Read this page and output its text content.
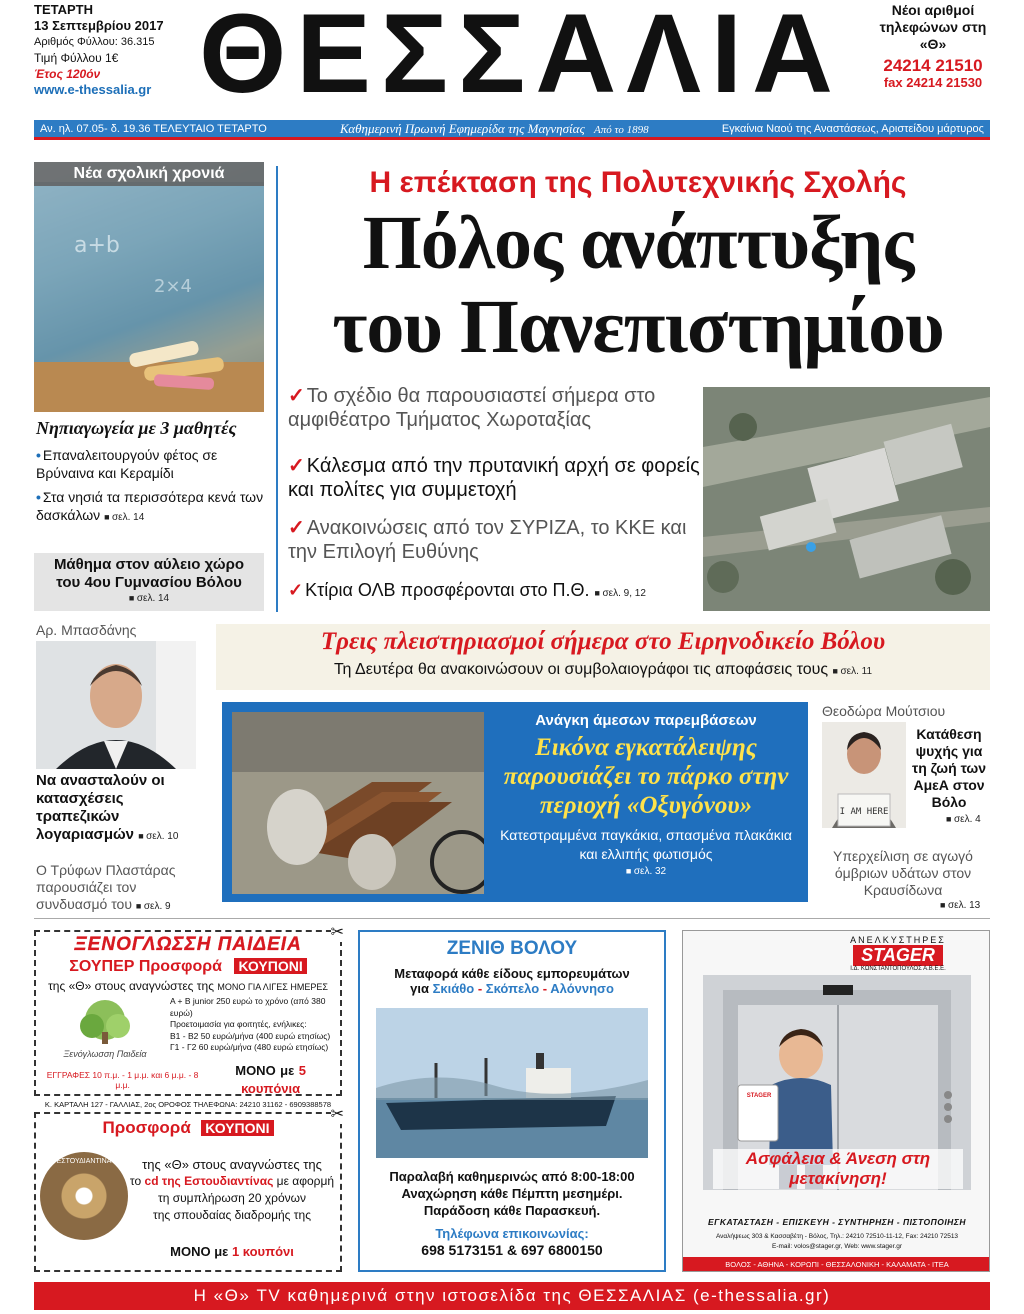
ΤΕΤΑΡΤΗ
13 Σεπτεμβρίου 2017
Αριθμός Φύλλου: 36.315
Τιμή Φύλλου 1€
Έτος 120όν
www.e-thessalia.gr ΘΕΣΣΑΛΙΑ	Νέοι αριθμοί τηλεφώνων στη «Θ»
24214 21510
fax 24214 21530
Αν. ηλ. 07.05- δ. 19.36 ΤΕΛΕΥΤΑΙΟ ΤΕΤΑΡΤΟ	Καθημερινή Πρωινή Εφημερίδα της Μαγνησίας Από το 1898	Εγκαίνια Ναού της Αναστάσεως, Αριστείδου μάρτυρος
a+b
2×4
Νέα σχολική χρονιά
Νηπιαγωγεία με 3 μαθητές
• Επαναλειτουργούν φέτος σε Βρύναινα και Κεραμίδι
• Στα νησιά τα περισσότερα κενά των δασκάλων ■ σελ. 14
Μάθημα στον αύλειο χώρο του 4ου Γυμνασίου Βόλου
■ σελ. 14
Η επέκταση της Πολυτεχνικής Σχολής
Πόλος ανάπτυξης
του Πανεπιστημίου
✓ Το σχέδιο θα παρουσιαστεί σήμερα στο αμφιθέατρο Τμήματος Χωροταξίας
✓ Κάλεσμα από την πρυτανική αρχή σε φορείς και πολίτες για συμμετοχή
✓ Ανακοινώσεις από τον ΣΥΡΙΖΑ, το ΚΚΕ και την Επιλογή Ευθύνης
✓ Κτίρια ΟΛΒ προσφέρονται στο Π.Θ. ■ σελ. 9, 12
Αρ. Μπασδάνης
Να ανασταλούν οι κατασχέσεις τραπεζικών λογαριασμών ■ σελ. 10
Ο Τρύφων Πλαστάρας παρουσιάζει τον συνδυασμό του ■ σελ. 9
Τρεις πλειστηριασμοί σήμερα στο Ειρηνοδικείο Βόλου
Τη Δευτέρα θα ανακοινώσουν οι συμβολαιογράφοι τις αποφάσεις τους ■ σελ. 11
Ανάγκη άμεσων παρεμβάσεων
Εικόνα εγκατάλειψης παρουσιάζει το πάρκο στην περιοχή «Οξυγόνου»
Κατεστραμμένα παγκάκια, σπασμένα πλακάκια και ελλιπής φωτισμός
■ σελ. 32
Θεοδώρα Μούτσιου
I AM HERE
Κατάθεση ψυχής για τη ζωή των ΑμεΑ στον Βόλο
■ σελ. 4
Υπερχείλιση σε αγωγό όμβριων υδάτων στον Κραυσίδωνα
■ σελ. 13
✂
ΞΕΝΟΓΛΩΣΣΗ ΠΑΙΔΕΙΑ
ΣΟΥΠΕΡ Προσφορά ΚΟΥΠΟΝΙ
της «Θ» στους αναγνώστες της ΜΟΝΟ ΓΙΑ ΛΙΓΕΣ ΗΜΕΡΕΣ
Ξενόγλωσση Παιδεία
A + B junior 250 ευρώ το χρόνο (από 380 ευρώ)
Προετοιμασία για φοιτητές, ενήλικες:
B1 - B2 50 ευρώ/μήνα (400 ευρώ ετησίως)
Γ1 - Γ2 60 ευρώ/μήνα (480 ευρώ ετησίως)
ΕΓΓΡΑΦΕΣ 10 π.μ. - 1 μ.μ. και 6 μ.μ. - 8 μ.μ.
ΜΟΝΟ με 5 κουπόνια
Κ. ΚΑΡΤΑΛΗ 127 - ΓΑΛΛΙΑΣ, 2ος ΟΡΟΦΟΣ ΤΗΛΕΦΩΝΑ: 24210 31162 - 6909388578
✂
Προσφορά ΚΟΥΠΟΝΙ
ΕΣΤΟΥΔΙΑΝΤΙΝΑ	της «Θ» στους αναγνώστες της
το cd της Εστουδιαντίνας με αφορμή
τη συμπλήρωση 20 χρόνων
της σπουδαίας διαδρομής της
ΜΟΝΟ με 1 κουπόνι
ΖΕΝΙΘ ΒΟΛΟΥ
Μεταφορά κάθε είδους εμπορευμάτων
για Σκιάθο - Σκόπελο - Αλόννησο
Παραλαβή καθημερινώς από 8:00-18:00
Αναχώρηση κάθε Πέμπτη μεσημέρι.
Παράδοση κάθε Παρασκευή.
Τηλέφωνα επικοινωνίας:
698 5173151 & 697 6800150
ΑΝΕΛΚΥΣΤΗΡΕΣ
STAGER
Ι.Δ. ΚΩΝΣΤΑΝΤΟΠΟΥΛΟΣ Α.Β.Ε.Ε.
STAGER
Ασφάλεια & Άνεση στη μετακίνηση!
ΕΓΚΑΤΑΣΤΑΣΗ - ΕΠΙΣΚΕΥΗ - ΣΥΝΤΗΡΗΣΗ - ΠΙΣΤΟΠΟΙΗΣΗ
Αναλήψεως 303 & Κασσαβέτη - Βόλος, Τηλ.: 24210 72510-11-12, Fax: 24210 72513
E-mail: volos@stager.gr, Web: www.stager.gr
ΒΟΛΟΣ - ΑΘΗΝΑ - ΚΟΡΩΠΙ - ΘΕΣΣΑΛΟΝΙΚΗ - ΚΑΛΑΜΑΤΑ - ΙΤΕΑ
Η «Θ» TV καθημερινά στην ιστοσελίδα της ΘΕΣΣΑΛΙΑΣ (e-thessalia.gr)
